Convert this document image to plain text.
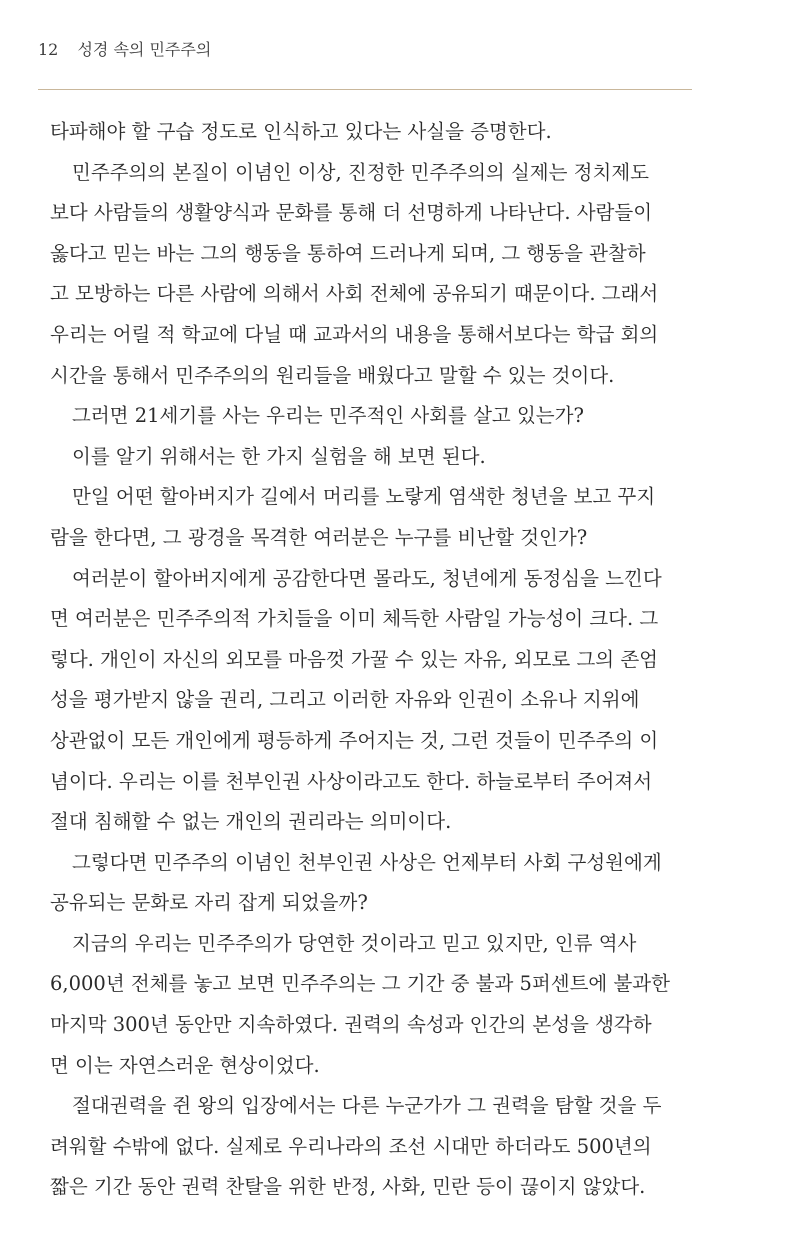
12 성경 속의 민주주의
타파해야 할 구습 정도로 인식하고 있다는 사실을 증명한다.
민주주의의 본질이 이념인 이상, 진정한 민주주의의 실제는 정치제도
보다 사람들의 생활양식과 문화를 통해 더 선명하게 나타난다. 사람들이
옳다고 믿는 바는 그의 행동을 통하여 드러나게 되며, 그 행동을 관찰하
고 모방하는 다른 사람에 의해서 사회 전체에 공유되기 때문이다. 그래서
우리는 어릴 적 학교에 다닐 때 교과서의 내용을 통해서보다는 학급 회의
시간을 통해서 민주주의의 원리들을 배웠다고 말할 수 있는 것이다.
그러면 21세기를 사는 우리는 민주적인 사회를 살고 있는가?
이를 알기 위해서는 한 가지 실험을 해 보면 된다.
만일 어떤 할아버지가 길에서 머리를 노랗게 염색한 청년을 보고 꾸지
람을 한다면, 그 광경을 목격한 여러분은 누구를 비난할 것인가?
여러분이 할아버지에게 공감한다면 몰라도, 청년에게 동정심을 느낀다
면 여러분은 민주주의적 가치들을 이미 체득한 사람일 가능성이 크다. 그
렇다. 개인이 자신의 외모를 마음껏 가꿀 수 있는 자유, 외모로 그의 존엄
성을 평가받지 않을 권리, 그리고 이러한 자유와 인권이 소유나 지위에
상관없이 모든 개인에게 평등하게 주어지는 것, 그런 것들이 민주주의 이
념이다. 우리는 이를 천부인권 사상이라고도 한다. 하늘로부터 주어져서
절대 침해할 수 없는 개인의 권리라는 의미이다.
그렇다면 민주주의 이념인 천부인권 사상은 언제부터 사회 구성원에게
공유되는 문화로 자리 잡게 되었을까?
지금의 우리는 민주주의가 당연한 것이라고 믿고 있지만, 인류 역사
6,000년 전체를 놓고 보면 민주주의는 그 기간 중 불과 5퍼센트에 불과한
마지막 300년 동안만 지속하였다. 권력의 속성과 인간의 본성을 생각하
면 이는 자연스러운 현상이었다.
절대권력을 쥔 왕의 입장에서는 다른 누군가가 그 권력을 탐할 것을 두
려워할 수밖에 없다. 실제로 우리나라의 조선 시대만 하더라도 500년의
짧은 기간 동안 권력 찬탈을 위한 반정, 사화, 민란 등이 끊이지 않았다.
